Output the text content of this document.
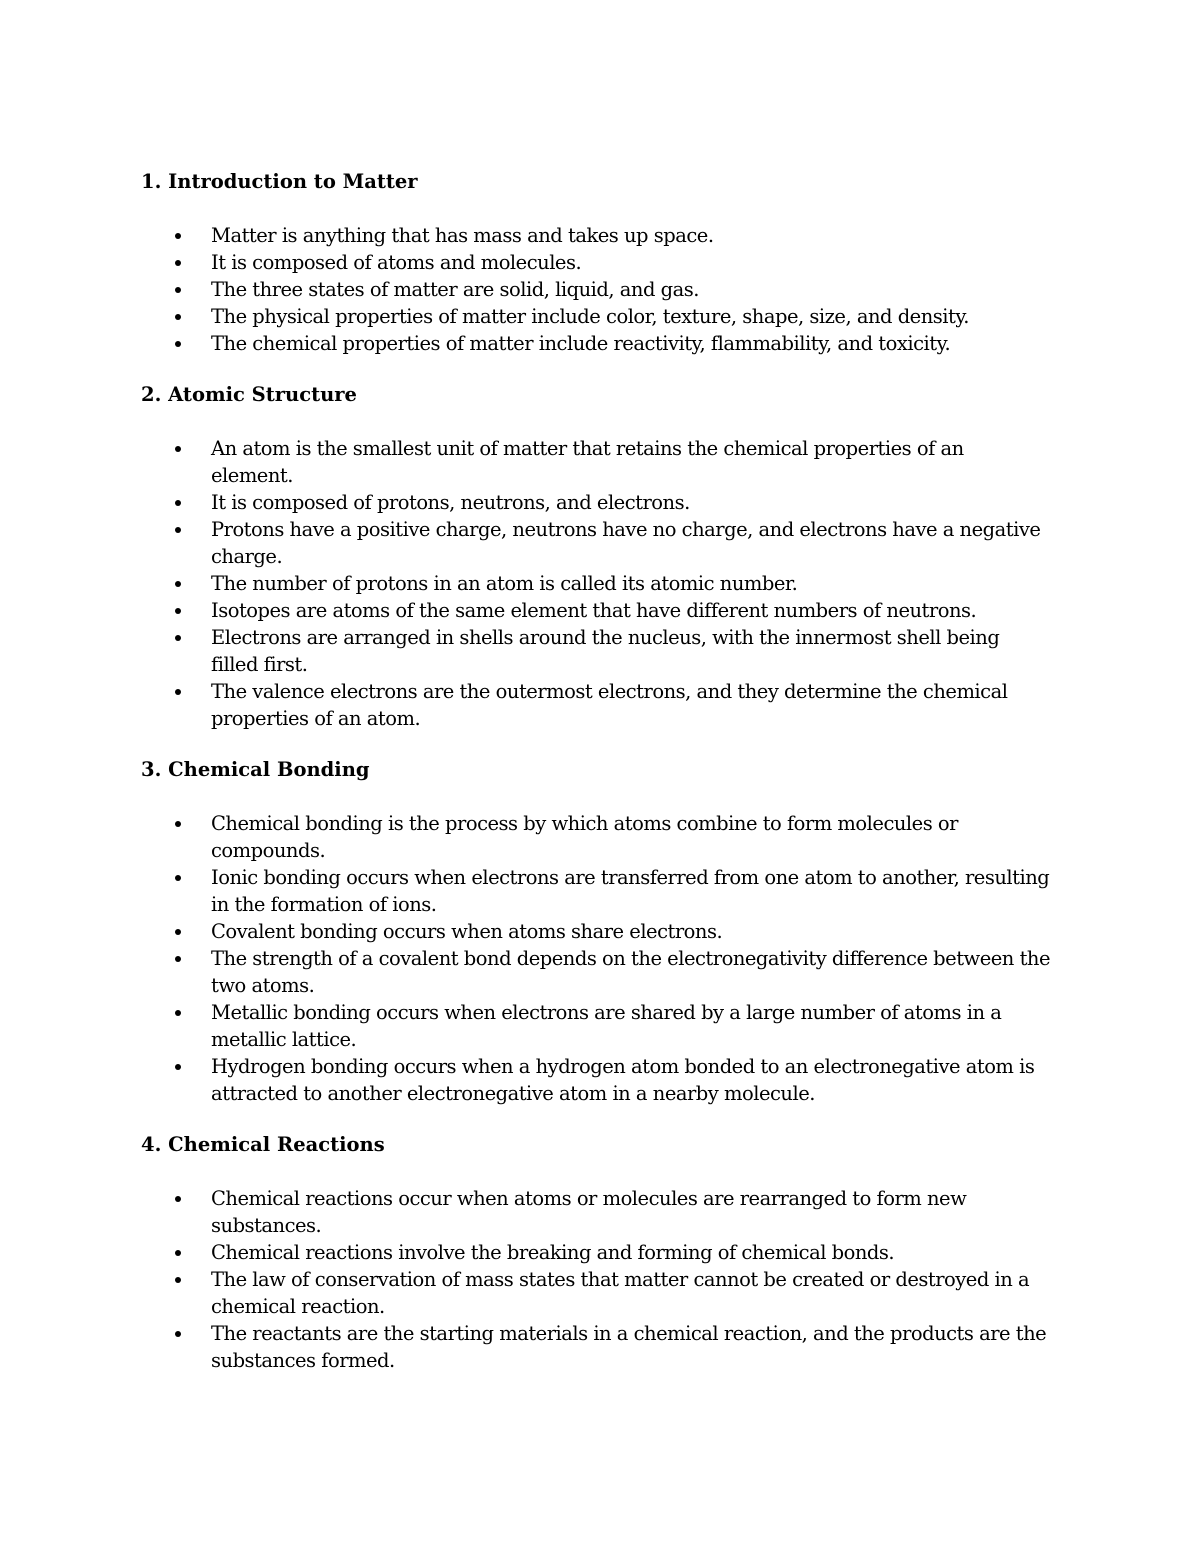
1. Introduction to Matter
Matter is anything that has mass and takes up space.
It is composed of atoms and molecules.
The three states of matter are solid, liquid, and gas.
The physical properties of matter include color, texture, shape, size, and density.
The chemical properties of matter include reactivity, flammability, and toxicity.
2. Atomic Structure
An atom is the smallest unit of matter that retains the chemical properties of an element.
It is composed of protons, neutrons, and electrons.
Protons have a positive charge, neutrons have no charge, and electrons have a negative charge.
The number of protons in an atom is called its atomic number.
Isotopes are atoms of the same element that have different numbers of neutrons.
Electrons are arranged in shells around the nucleus, with the innermost shell being filled first.
The valence electrons are the outermost electrons, and they determine the chemical properties of an atom.
3. Chemical Bonding
Chemical bonding is the process by which atoms combine to form molecules or compounds.
Ionic bonding occurs when electrons are transferred from one atom to another, resulting in the formation of ions.
Covalent bonding occurs when atoms share electrons.
The strength of a covalent bond depends on the electronegativity difference between the two atoms.
Metallic bonding occurs when electrons are shared by a large number of atoms in a metallic lattice.
Hydrogen bonding occurs when a hydrogen atom bonded to an electronegative atom is attracted to another electronegative atom in a nearby molecule.
4. Chemical Reactions
Chemical reactions occur when atoms or molecules are rearranged to form new substances.
Chemical reactions involve the breaking and forming of chemical bonds.
The law of conservation of mass states that matter cannot be created or destroyed in a chemical reaction.
The reactants are the starting materials in a chemical reaction, and the products are the substances formed.
